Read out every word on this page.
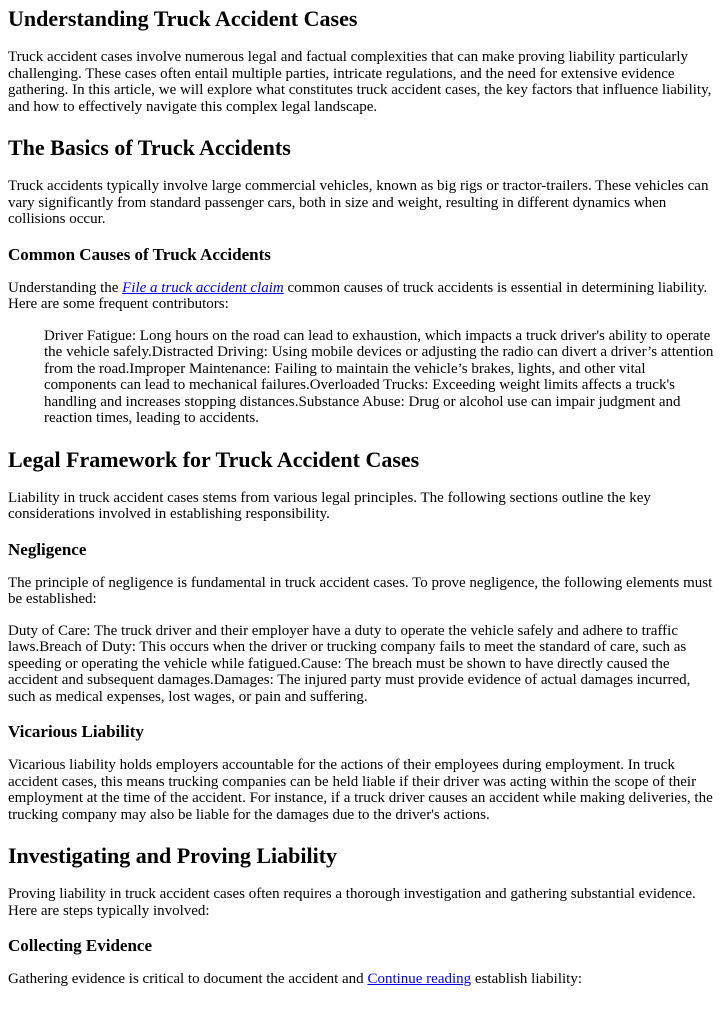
Understanding Truck Accident Cases

Truck accident cases involve numerous legal and factual complexities that can make proving liability particularly challenging. These cases often entail multiple parties, intricate regulations, and the need for extensive evidence gathering. In this article, we will explore what constitutes truck accident cases, the key factors that influence liability, and how to effectively navigate this complex legal landscape.

The Basics of Truck Accidents

Truck accidents typically involve large commercial vehicles, known as big rigs or tractor-trailers. These vehicles can vary significantly from standard passenger cars, both in size and weight, resulting in different dynamics when collisions occur.

Common Causes of Truck Accidents

Understanding the File a truck accident claim common causes of truck accidents is essential in determining liability. Here are some frequent contributors:

Driver Fatigue: Long hours on the road can lead to exhaustion, which impacts a truck driver's ability to operate the vehicle safely.Distracted Driving: Using mobile devices or adjusting the radio can divert a driver’s attention from the road.Improper Maintenance: Failing to maintain the vehicle’s brakes, lights, and other vital components can lead to mechanical failures.Overloaded Trucks: Exceeding weight limits affects a truck's handling and increases stopping distances.Substance Abuse: Drug or alcohol use can impair judgment and reaction times, leading to accidents.
Legal Framework for Truck Accident Cases

Liability in truck accident cases stems from various legal principles. The following sections outline the key considerations involved in establishing responsibility.

Negligence

The principle of negligence is fundamental in truck accident cases. To prove negligence, the following elements must be established:

Duty of Care: The truck driver and their employer have a duty to operate the vehicle safely and adhere to traffic laws.Breach of Duty: This occurs when the driver or trucking company fails to meet the standard of care, such as speeding or operating the vehicle while fatigued.Cause: The breach must be shown to have directly caused the accident and subsequent damages.Damages: The injured party must provide evidence of actual damages incurred, such as medical expenses, lost wages, or pain and suffering.

Vicarious Liability

Vicarious liability holds employers accountable for the actions of their employees during employment. In truck accident cases, this means trucking companies can be held liable if their driver was acting within the scope of their employment at the time of the accident. For instance, if a truck driver causes an accident while making deliveries, the trucking company may also be liable for the damages due to the driver's actions.

Investigating and Proving Liability

Proving liability in truck accident cases often requires a thorough investigation and gathering substantial evidence. Here are steps typically involved:

Collecting Evidence

Gathering evidence is critical to document the accident and Continue reading establish liability:
